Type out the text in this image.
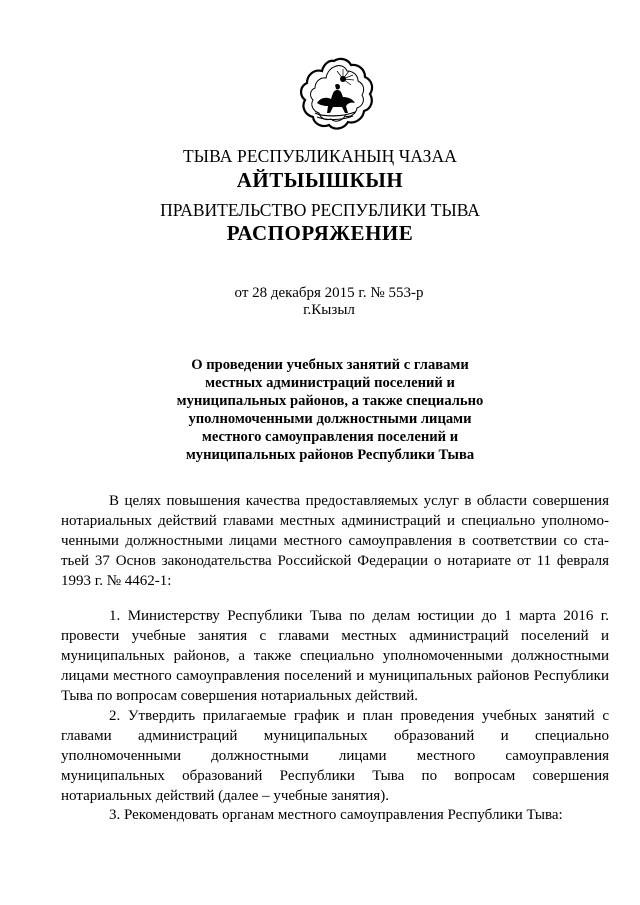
ТЫВА РЕСПУБЛИКАНЫҢ ЧАЗАА
АЙТЫЫШКЫН
ПРАВИТЕЛЬСТВО РЕСПУБЛИКИ ТЫВА
РАСПОРЯЖЕНИЕ
от 28 декабря 2015 г. № 553-р
г.Кызыл
О проведении учебных занятий с главами
местных администраций поселений и
муниципальных районов, а также специально
уполномоченными должностными лицами
местного самоуправления поселений и
муниципальных районов Республики Тыва
В целях повышения качества предоставляемых услуг в области совершения
нотариальных действий главами местных администраций и специально уполномо-
ченными должностными лицами местного самоуправления в соответствии со ста-
тьей 37 Основ законодательства Российской Федерации о нотариате от 11 февраля
1993 г. № 4462-1:
1. Министерству Республики Тыва по делам юстиции до 1 марта 2016 г.
провести учебные занятия с главами местных администраций поселений и
муниципальных районов, а также специально уполномоченными должностными
лицами местного самоуправления поселений и муниципальных районов Республики
Тыва по вопросам совершения нотариальных действий.
2. Утвердить прилагаемые график и план проведения учебных занятий с
главами администраций муниципальных образований и специально
уполномоченными должностными лицами местного самоуправления
муниципальных образований Республики Тыва по вопросам совершения
нотариальных действий (далее – учебные занятия).
3. Рекомендовать органам местного самоуправления Республики Тыва:
